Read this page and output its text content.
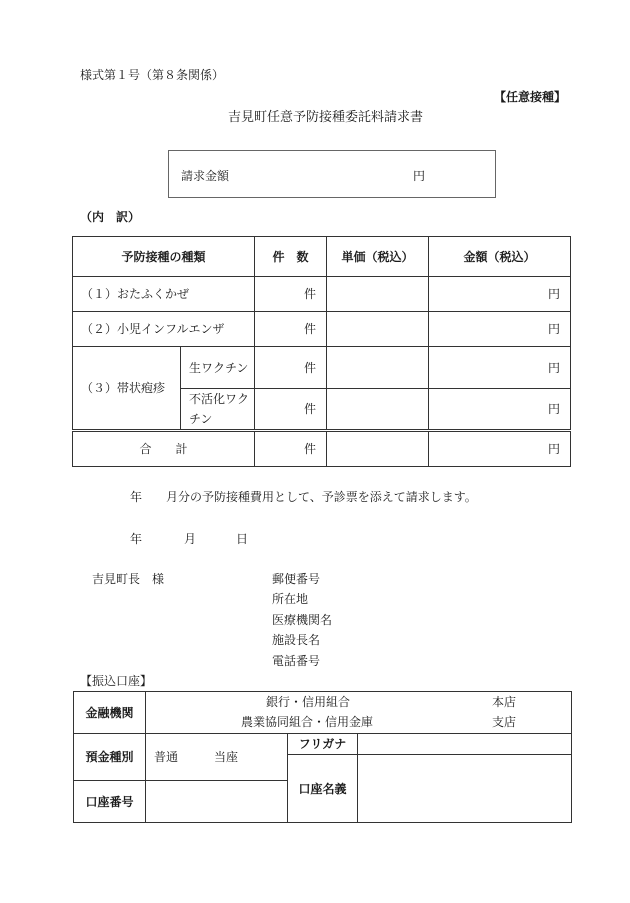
様式第１号（第８条関係）
【任意接種】
吉見町任意予防接種委託料請求書
請求金額	円
（内　訳）
予防接種の種類		件　数	単価（税込）	金額（税込）
（１）おたふくかぜ		件		円
（２）小児インフルエンザ		件		円
（３）帯状疱疹	生ワクチン	件		円
	不活化ワクチン	件		円
合　　計		件		円
年　　月分の予防接種費用として、予診票を添えて請求します。
年	月	日
吉見町長　様	郵便番号
所在地
医療機関名
施設長名
電話番号
【振込口座】
金融機関	銀行・信用組合 本店
農業協同組合・信用金庫 支店		

預金種別	普通　　　当座	フリガナ	
		口座名義	
口座番号			
